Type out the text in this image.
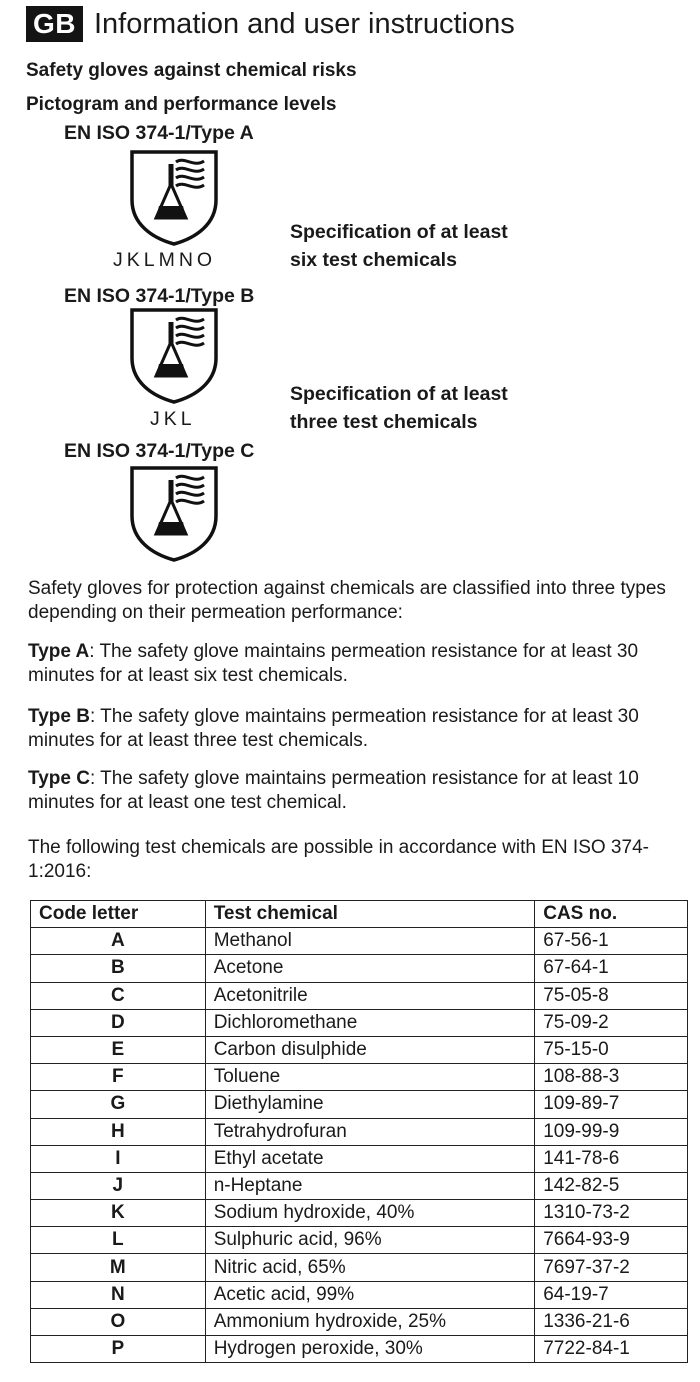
GB Information and user instructions
Safety gloves against chemical risks
Pictogram and performance levels
EN ISO 374-1/Type A
JKLMNO
Specification of at least
six test chemicals
EN ISO 374-1/Type B
JKL
Specification of at least
three test chemicals
EN ISO 374-1/Type C
Safety gloves for protection against chemicals are classified into three types depending on their permeation performance:
Type A: The safety glove maintains permeation resistance for at least 30 minutes for at least six test chemicals.
Type B: The safety glove maintains permeation resistance for at least 30 minutes for at least three test chemicals.
Type C: The safety glove maintains permeation resistance for at least 10 minutes for at least one test chemical.
The following test chemicals are possible in accordance with EN ISO 374-1:2016:
Code letter	Test chemical	CAS no.
A	Methanol	67-56-1
B	Acetone	67-64-1
C	Acetonitrile	75-05-8
D	Dichloromethane	75-09-2
E	Carbon disulphide	75-15-0
F	Toluene	108-88-3
G	Diethylamine	109-89-7
H	Tetrahydrofuran	109-99-9
I	Ethyl acetate	141-78-6
J	n-Heptane	142-82-5
K	Sodium hydroxide, 40%	1310-73-2
L	Sulphuric acid, 96%	7664-93-9
M	Nitric acid, 65%	7697-37-2
N	Acetic acid, 99%	64-19-7
O	Ammonium hydroxide, 25%	1336-21-6
P	Hydrogen peroxide, 30%	7722-84-1
